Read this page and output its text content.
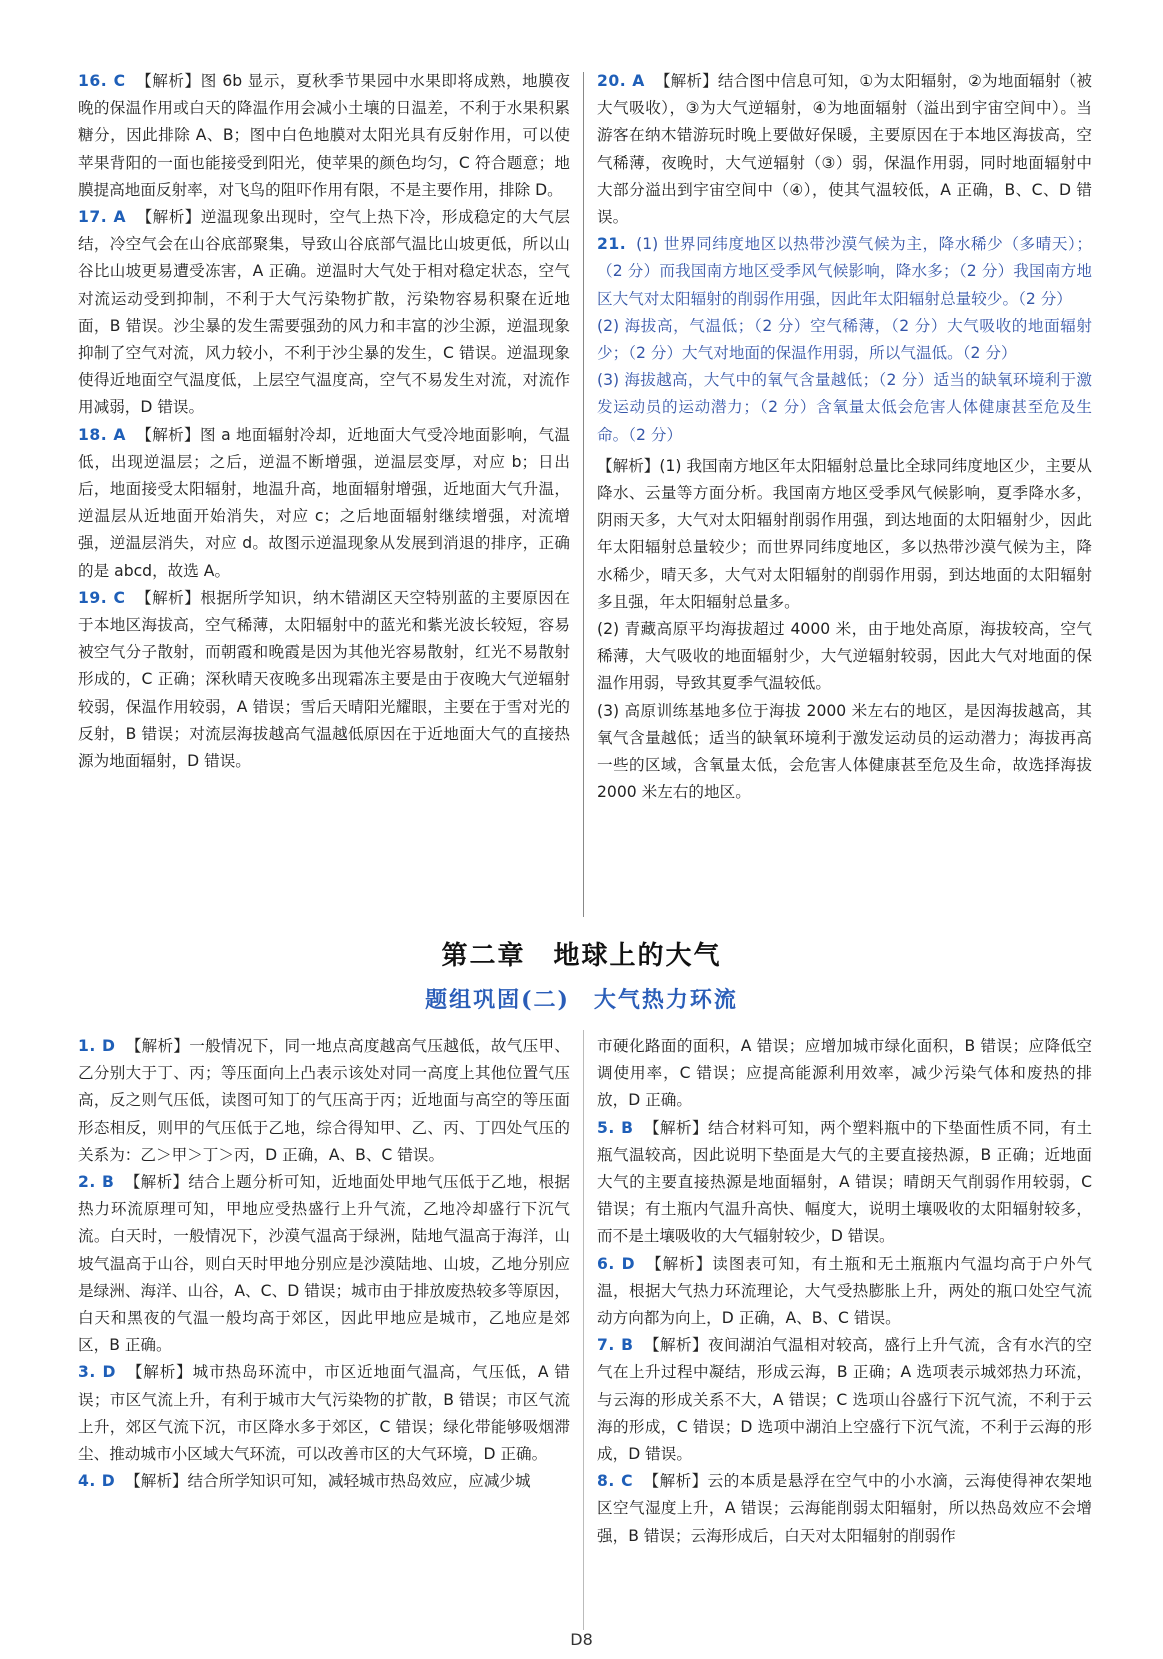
16. C 【解析】图 6b 显示，夏秋季节果园中水果即将成熟，地膜夜晚的保温作用或白天的降温作用会减小土壤的日温差，不利于水果积累糖分，因此排除 A、B；图中白色地膜对太阳光具有反射作用，可以使苹果背阳的一面也能接受到阳光，使苹果的颜色均匀，C 符合题意；地膜提高地面反射率，对飞鸟的阻吓作用有限，不是主要作用，排除 D。

17. A 【解析】逆温现象出现时，空气上热下冷，形成稳定的大气层结，冷空气会在山谷底部聚集，导致山谷底部气温比山坡更低，所以山谷比山坡更易遭受冻害，A 正确。逆温时大气处于相对稳定状态，空气对流运动受到抑制，不利于大气污染物扩散，污染物容易积聚在近地面，B 错误。沙尘暴的发生需要强劲的风力和丰富的沙尘源，逆温现象抑制了空气对流，风力较小，不利于沙尘暴的发生，C 错误。逆温现象使得近地面空气温度低，上层空气温度高，空气不易发生对流，对流作用减弱，D 错误。

18. A 【解析】图 a 地面辐射冷却，近地面大气受冷地面影响，气温低，出现逆温层；之后，逆温不断增强，逆温层变厚，对应 b；日出后，地面接受太阳辐射，地温升高，地面辐射增强，近地面大气升温，逆温层从近地面开始消失，对应 c；之后地面辐射继续增强，对流增强，逆温层消失，对应 d。故图示逆温现象从发展到消退的排序，正确的是 abcd，故选 A。

19. C 【解析】根据所学知识，纳木错湖区天空特别蓝的主要原因在于本地区海拔高，空气稀薄，太阳辐射中的蓝光和紫光波长较短，容易被空气分子散射，而朝霞和晚霞是因为其他光容易散射，红光不易散射形成的，C 正确；深秋晴天夜晚多出现霜冻主要是由于夜晚大气逆辐射较弱，保温作用较弱，A 错误；雪后天晴阳光耀眼，主要在于雪对光的反射，B 错误；对流层海拔越高气温越低原因在于近地面大气的直接热源为地面辐射，D 错误。

20. A 【解析】结合图中信息可知，①为太阳辐射，②为地面辐射（被大气吸收），③为大气逆辐射，④为地面辐射（溢出到宇宙空间中）。当游客在纳木错游玩时晚上要做好保暖，主要原因在于本地区海拔高，空气稀薄，夜晚时，大气逆辐射（③）弱，保温作用弱，同时地面辐射中大部分溢出到宇宙空间中（④），使其气温较低，A 正确，B、C、D 错误。

21. (1) 世界同纬度地区以热带沙漠气候为主，降水稀少（多晴天）；（2 分）而我国南方地区受季风气候影响，降水多；（2 分）我国南方地区大气对太阳辐射的削弱作用强，因此年太阳辐射总量较少。（2 分）

(2) 海拔高，气温低；（2 分）空气稀薄，（2 分）大气吸收的地面辐射少；（2 分）大气对地面的保温作用弱，所以气温低。（2 分）

(3) 海拔越高，大气中的氧气含量越低；（2 分）适当的缺氧环境利于激发运动员的运动潜力；（2 分）含氧量太低会危害人体健康甚至危及生命。（2 分）

【解析】(1) 我国南方地区年太阳辐射总量比全球同纬度地区少，主要从降水、云量等方面分析。我国南方地区受季风气候影响，夏季降水多，阴雨天多，大气对太阳辐射削弱作用强，到达地面的太阳辐射少，因此年太阳辐射总量较少；而世界同纬度地区，多以热带沙漠气候为主，降水稀少，晴天多，大气对太阳辐射的削弱作用弱，到达地面的太阳辐射多且强，年太阳辐射总量多。

(2) 青藏高原平均海拔超过 4000 米，由于地处高原，海拔较高，空气稀薄，大气吸收的地面辐射少，大气逆辐射较弱，因此大气对地面的保温作用弱，导致其夏季气温较低。

(3) 高原训练基地多位于海拔 2000 米左右的地区，是因海拔越高，其氧气含量越低；适当的缺氧环境利于激发运动员的运动潜力；海拔再高一些的区域，含氧量太低，会危害人体健康甚至危及生命，故选择海拔 2000 米左右的地区。

第二章　地球上的大气
题组巩固(二)　大气热力环流

1. D 【解析】一般情况下，同一地点高度越高气压越低，故气压甲、乙分别大于丁、丙；等压面向上凸表示该处对同一高度上其他位置气压高，反之则气压低，读图可知丁的气压高于丙；近地面与高空的等压面形态相反，则甲的气压低于乙地，综合得知甲、乙、丙、丁四处气压的关系为：乙＞甲＞丁＞丙，D 正确，A、B、C 错误。

2. B 【解析】结合上题分析可知，近地面处甲地气压低于乙地，根据热力环流原理可知，甲地应受热盛行上升气流，乙地冷却盛行下沉气流。白天时，一般情况下，沙漠气温高于绿洲，陆地气温高于海洋，山坡气温高于山谷，则白天时甲地分别应是沙漠陆地、山坡，乙地分别应是绿洲、海洋、山谷，A、C、D 错误；城市由于排放废热较多等原因，白天和黑夜的气温一般均高于郊区，因此甲地应是城市，乙地应是郊区，B 正确。

3. D 【解析】城市热岛环流中，市区近地面气温高，气压低，A 错误；市区气流上升，有利于城市大气污染物的扩散，B 错误；市区气流上升，郊区气流下沉，市区降水多于郊区，C 错误；绿化带能够吸烟滞尘、推动城市小区域大气环流，可以改善市区的大气环境，D 正确。

4. D 【解析】结合所学知识可知，减轻城市热岛效应，应减少城

市硬化路面的面积，A 错误；应增加城市绿化面积，B 错误；应降低空调使用率，C 错误；应提高能源利用效率，减少污染气体和废热的排放，D 正确。

5. B 【解析】结合材料可知，两个塑料瓶中的下垫面性质不同，有土瓶气温较高，因此说明下垫面是大气的主要直接热源，B 正确；近地面大气的主要直接热源是地面辐射，A 错误；晴朗天气削弱作用较弱，C 错误；有土瓶内气温升高快、幅度大，说明土壤吸收的太阳辐射较多，而不是土壤吸收的大气辐射较少，D 错误。

6. D 【解析】读图表可知，有土瓶和无土瓶瓶内气温均高于户外气温，根据大气热力环流理论，大气受热膨胀上升，两处的瓶口处空气流动方向都为向上，D 正确，A、B、C 错误。

7. B 【解析】夜间湖泊气温相对较高，盛行上升气流，含有水汽的空气在上升过程中凝结，形成云海，B 正确；A 选项表示城郊热力环流，与云海的形成关系不大，A 错误；C 选项山谷盛行下沉气流，不利于云海的形成，C 错误；D 选项中湖泊上空盛行下沉气流，不利于云海的形成，D 错误。

8. C 【解析】云的本质是悬浮在空气中的小水滴，云海使得神农架地区空气湿度上升，A 错误；云海能削弱太阳辐射，所以热岛效应不会增强，B 错误；云海形成后，白天对太阳辐射的削弱作

D8
